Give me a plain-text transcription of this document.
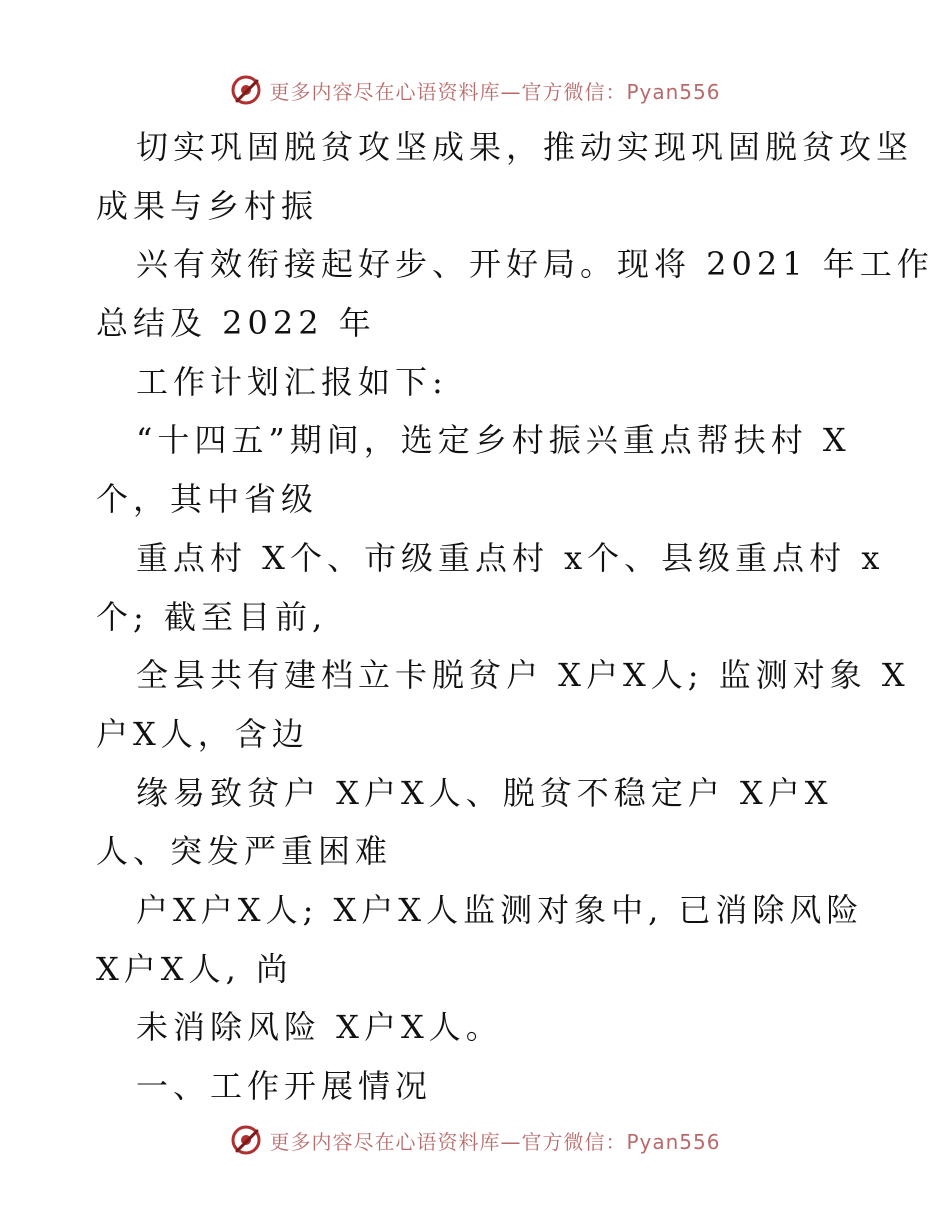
更多内容尽在心语资料库—官方微信：Pyan556
切实巩固脱贫攻坚成果，推动实现巩固脱贫攻坚
成果与乡村振
兴有效衔接起好步、开好局。现将 2021 年工作
总结及 2022 年
工作计划汇报如下:
“十四五”期间，选定乡村振兴重点帮扶村 X
个，其中省级
重点村 X个、市级重点村 x个、县级重点村 x
个; 截至目前,
全县共有建档立卡脱贫户 X户X人; 监测对象 X
户X人，含边
缘易致贫户 X户X人、脱贫不稳定户 X户X
人、突发严重困难
户X户X人; X户X人监测对象中, 已消除风险
X户X人, 尚
未消除风险 X户X人。
一、工作开展情况
更多内容尽在心语资料库—官方微信：Pyan556
